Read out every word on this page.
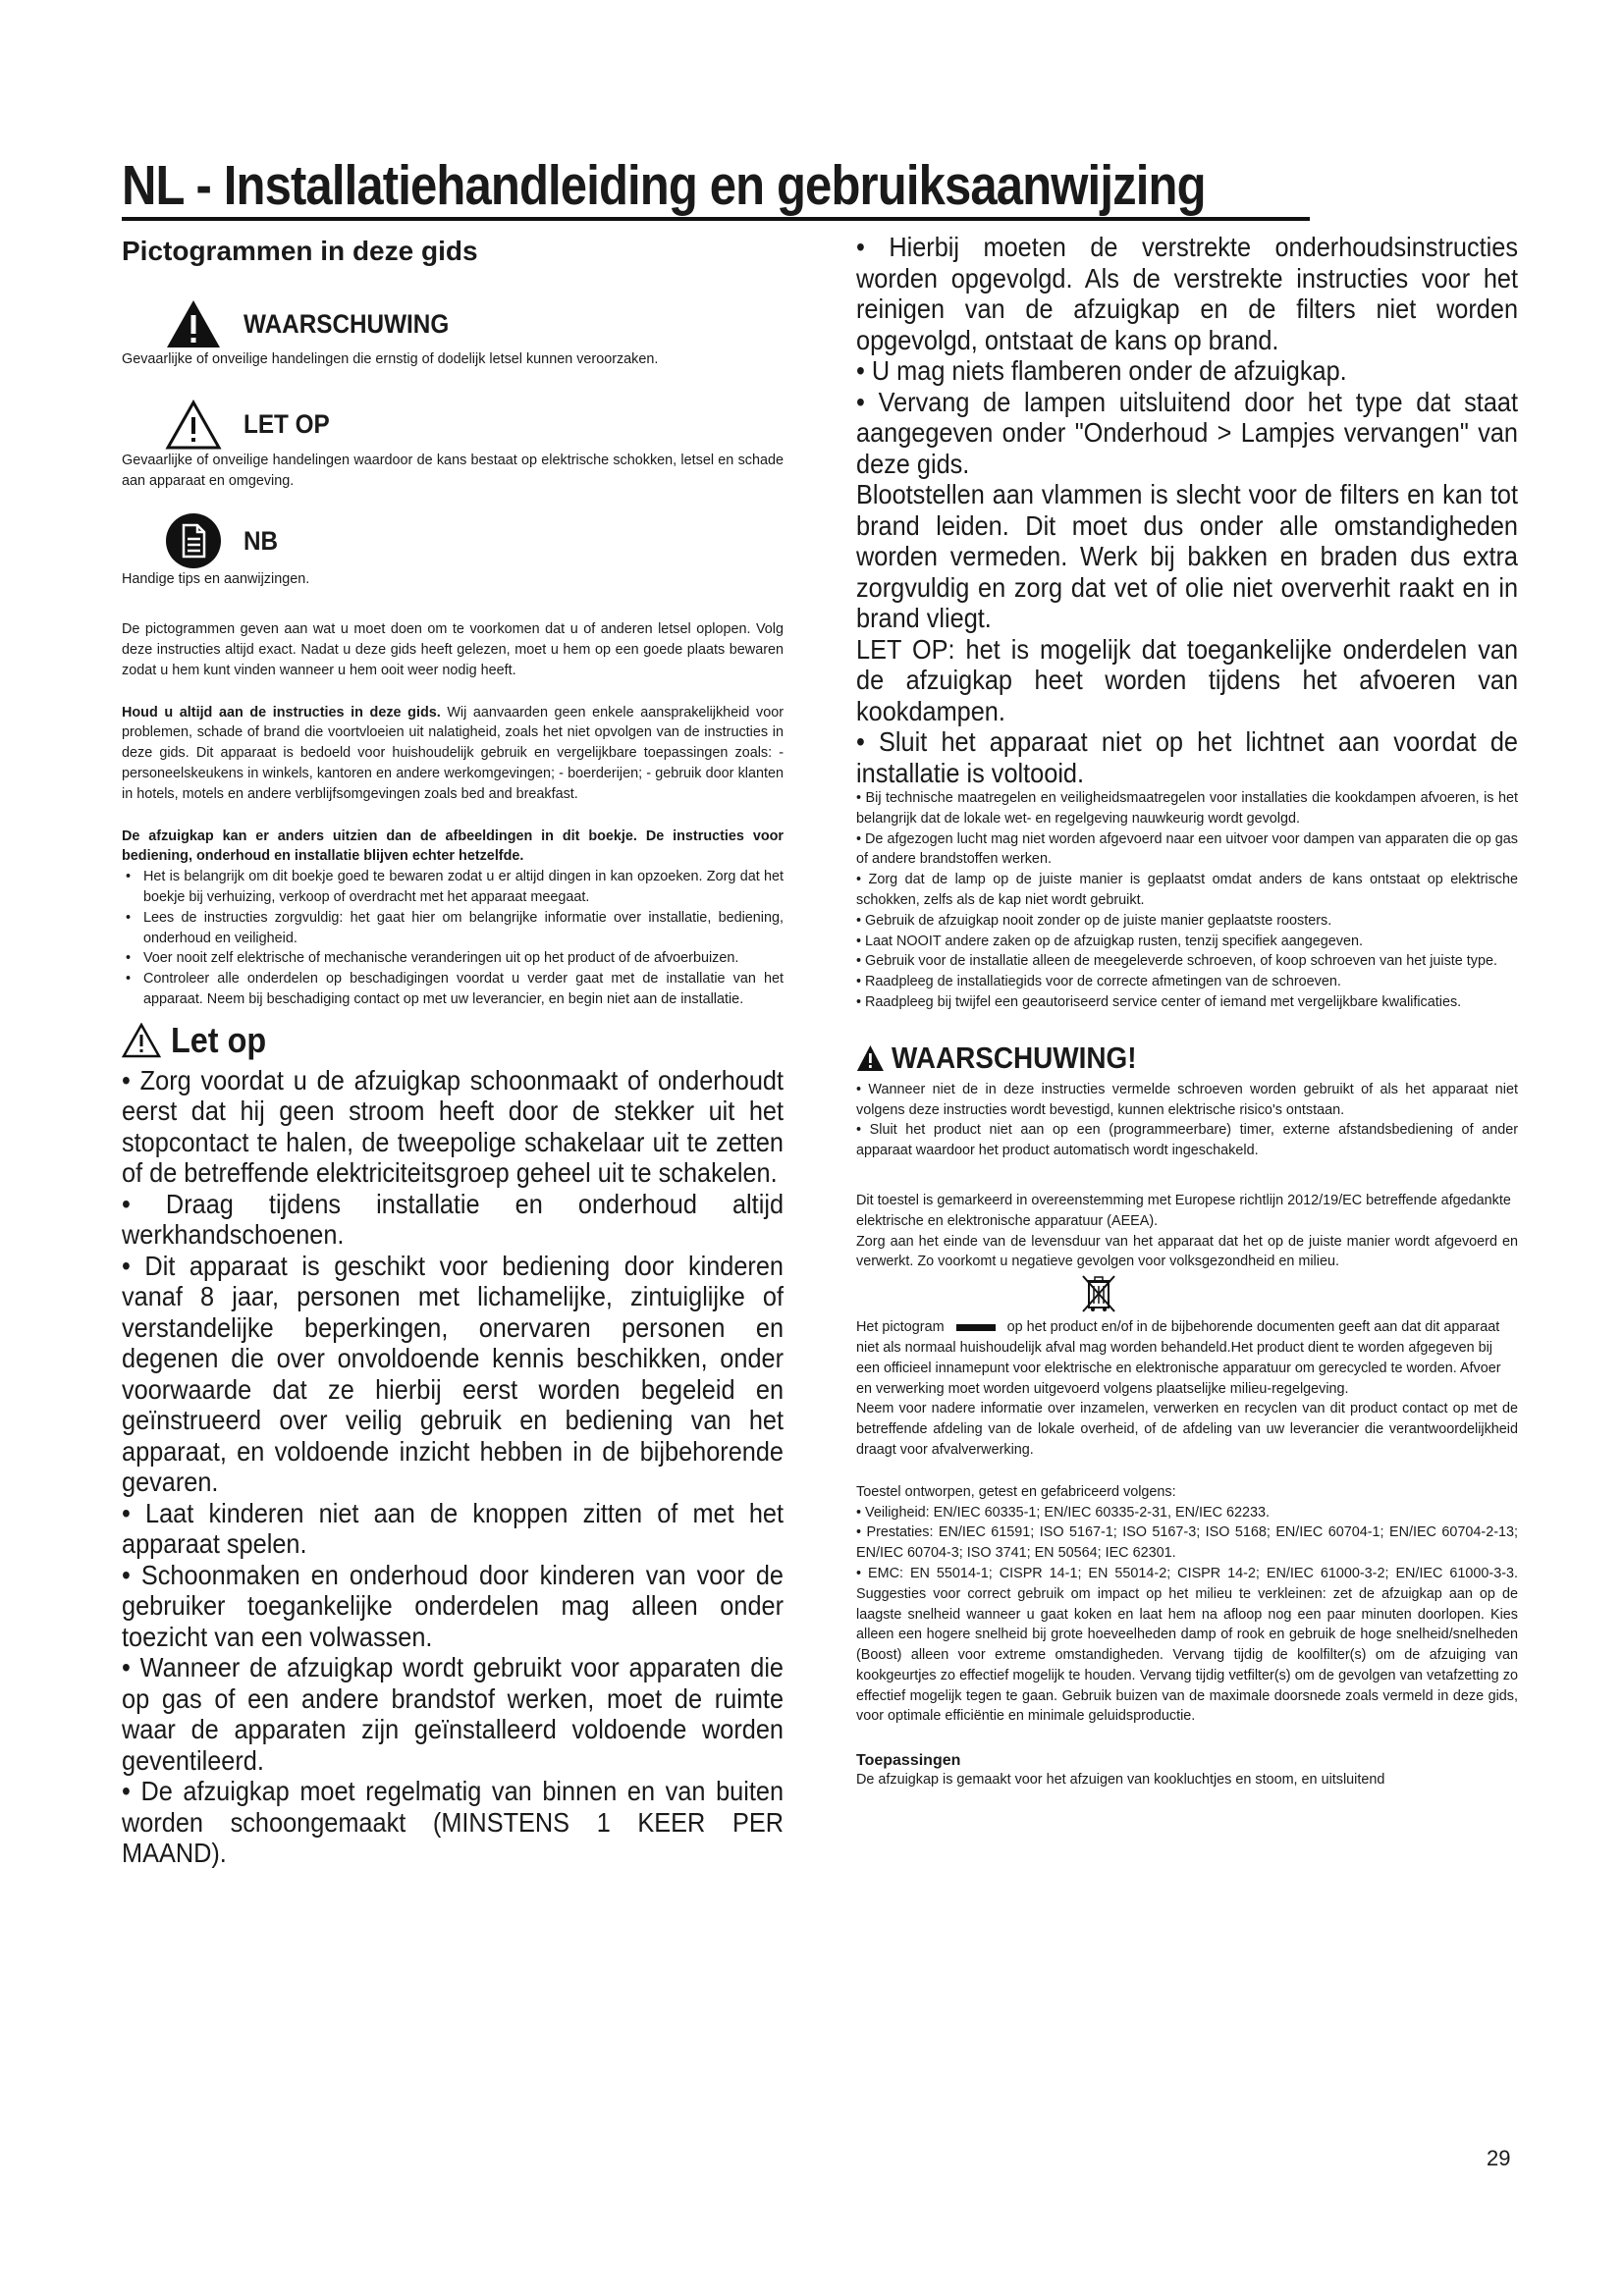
NL - Installatiehandleiding en gebruiksaanwijzing
Pictogrammen in deze gids
WAARSCHUWING

Gevaarlijke of onveilige handelingen die ernstig of dodelijk letsel kunnen veroorzaken.

LET OP

Gevaarlijke of onveilige handelingen waardoor de kans bestaat op elektrische schokken, letsel en schade aan apparaat en omgeving.

NB

Handige tips en aanwijzingen.

De pictogrammen geven aan wat u moet doen om te voorkomen dat u of anderen letsel oplopen. Volg deze instructies altijd exact. Nadat u deze gids heeft gelezen, moet u hem op een goede plaats bewaren zodat u hem kunt vinden wanneer u hem ooit weer nodig heeft.

Houd u altijd aan de instructies in deze gids. Wij aanvaarden geen enkele aansprakelijkheid voor problemen, schade of brand die voortvloeien uit nalatigheid, zoals het niet opvolgen van de instructies in deze gids. Dit apparaat is bedoeld voor huishoudelijk gebruik en vergelijkbare toepassingen zoals: - personeelskeukens in winkels, kantoren en andere werkomgevingen; - boerderijen; - gebruik door klanten in hotels, motels en andere verblijfsomgevingen zoals bed and breakfast.

De afzuigkap kan er anders uitzien dan de afbeeldingen in dit boekje. De instructies voor bediening, onderhoud en installatie blijven echter hetzelfde.

• Het is belangrijk om dit boekje goed te bewaren zodat u er altijd dingen in kan opzoeken. Zorg dat het boekje bij verhuizing, verkoop of overdracht met het apparaat meegaat.
• Lees de instructies zorgvuldig: het gaat hier om belangrijke informatie over installatie, bediening, onderhoud en veiligheid.
• Voer nooit zelf elektrische of mechanische veranderingen uit op het product of de afvoerbuizen.
• Controleer alle onderdelen op beschadigingen voordat u verder gaat met de installatie van het apparaat. Neem bij beschadiging contact op met uw leverancier, en begin niet aan de installatie.
Let op

• Zorg voordat u de afzuigkap schoonmaakt of onderhoudt eerst dat hij geen stroom heeft door de stekker uit het stopcontact te halen, de tweepolige schakelaar uit te zetten of de betreffende elektriciteitsgroep geheel uit te schakelen.

• Draag tijdens installatie en onderhoud altijd werkhandschoenen.

• Dit apparaat is geschikt voor bediening door kinderen vanaf 8 jaar, personen met lichamelijke, zintuiglijke of verstandelijke beperkingen, onervaren personen en degenen die over onvoldoende kennis beschikken, onder voorwaarde dat ze hierbij eerst worden begeleid en geïnstrueerd over veilig gebruik en bediening van het apparaat, en voldoende inzicht hebben in de bijbehorende gevaren.

• Laat kinderen niet aan de knoppen zitten of met het apparaat spelen.

• Schoonmaken en onderhoud door kinderen van voor de gebruiker toegankelijke onderdelen mag alleen onder toezicht van een volwassen.

• Wanneer de afzuigkap wordt gebruikt voor apparaten die op gas of een andere brandstof werken, moet de ruimte waar de apparaten zijn geïnstalleerd voldoende worden geventileerd.

• De afzuigkap moet regelmatig van binnen en van buiten worden schoongemaakt (MINSTENS 1 KEER PER MAAND).

• Hierbij moeten de verstrekte onderhoudsinstructies worden opgevolgd. Als de verstrekte instructies voor het reinigen van de afzuigkap en de filters niet worden opgevolgd, ontstaat de kans op brand.

• U mag niets flamberen onder de afzuigkap.

• Vervang de lampen uitsluitend door het type dat staat aangegeven onder "Onderhoud > Lampjes vervangen" van deze gids.

Blootstellen aan vlammen is slecht voor de filters en kan tot brand leiden. Dit moet dus onder alle omstandigheden worden vermeden. Werk bij bakken en braden dus extra zorgvuldig en zorg dat vet of olie niet oververhit raakt en in brand vliegt.

LET OP: het is mogelijk dat toegankelijke onderdelen van de afzuigkap heet worden tijdens het afvoeren van kookdampen.

• Sluit het apparaat niet op het lichtnet aan voordat de installatie is voltooid.

• Bij technische maatregelen en veiligheidsmaatregelen voor installaties die kookdampen afvoeren, is het belangrijk dat de lokale wet- en regelgeving nauwkeurig wordt gevolgd.

• De afgezogen lucht mag niet worden afgevoerd naar een uitvoer voor dampen van apparaten die op gas of andere brandstoffen werken.

• Zorg dat de lamp op de juiste manier is geplaatst omdat anders de kans ontstaat op elektrische schokken, zelfs als de kap niet wordt gebruikt.

• Gebruik de afzuigkap nooit zonder op de juiste manier geplaatste roosters.

• Laat NOOIT andere zaken op de afzuigkap rusten, tenzij specifiek aangegeven.

• Gebruik voor de installatie alleen de meegeleverde schroeven, of koop schroeven van het juiste type.

• Raadpleeg de installatiegids voor de correcte afmetingen van de schroeven.

• Raadpleeg bij twijfel een geautoriseerd service center of iemand met vergelijkbare kwalificaties.

WAARSCHUWING!

• Wanneer niet de in deze instructies vermelde schroeven worden gebruikt of als het apparaat niet volgens deze instructies wordt bevestigd, kunnen elektrische risico's ontstaan.

• Sluit het product niet aan op een (programmeerbare) timer, externe afstandsbediening of ander apparaat waardoor het product automatisch wordt ingeschakeld.

Dit toestel is gemarkeerd in overeenstemming met Europese richtlijn 2012/19/EC betreffende afgedankte elektrische en elektronische apparatuur (AEEA).

Zorg aan het einde van de levensduur van het apparaat dat het op de juiste manier wordt afgevoerd en verwerkt. Zo voorkomt u negatieve gevolgen voor volksgezondheid en milieu.

Het pictogram	op het product en/of in de bijbehorende documenten geeft aan dat dit apparaat niet als normaal huishoudelijk afval mag worden behandeld.Het product dient te worden afgegeven bij een officieel innamepunt voor elektrische en elektronische apparatuur om gerecycled te worden. Afvoer en verwerking moet worden uitgevoerd volgens plaatselijke milieu-regelgeving.

Neem voor nadere informatie over inzamelen, verwerken en recyclen van dit product contact op met de betreffende afdeling van de lokale overheid, of de afdeling van uw leverancier die verantwoordelijkheid draagt voor afvalverwerking.

Toestel ontworpen, getest en gefabriceerd volgens:

• Veiligheid: EN/IEC 60335-1; EN/IEC 60335-2-31, EN/IEC 62233.

• Prestaties: EN/IEC 61591; ISO 5167-1; ISO 5167-3; ISO 5168; EN/IEC 60704-1; EN/IEC 60704-2-13; EN/IEC 60704-3; ISO 3741; EN 50564; IEC 62301.

• EMC: EN 55014-1; CISPR 14-1; EN 55014-2; CISPR 14-2; EN/IEC 61000-3-2; EN/IEC 61000-3-3. Suggesties voor correct gebruik om impact op het milieu te verkleinen: zet de afzuigkap aan op de laagste snelheid wanneer u gaat koken en laat hem na afloop nog een paar minuten doorlopen. Kies alleen een hogere snelheid bij grote hoeveelheden damp of rook en gebruik de hoge snelheid/snelheden (Boost) alleen voor extreme omstandigheden. Vervang tijdig de koolfilter(s) om de afzuiging van kookgeurtjes zo effectief mogelijk te houden. Vervang tijdig vetfilter(s) om de gevolgen van vetafzetting zo effectief mogelijk tegen te gaan. Gebruik buizen van de maximale doorsnede zoals vermeld in deze gids, voor optimale efficiëntie en minimale geluidsproductie.

Toepassingen

De afzuigkap is gemaakt voor het afzuigen van kookluchtjes en stoom, en uitsluitend

29
